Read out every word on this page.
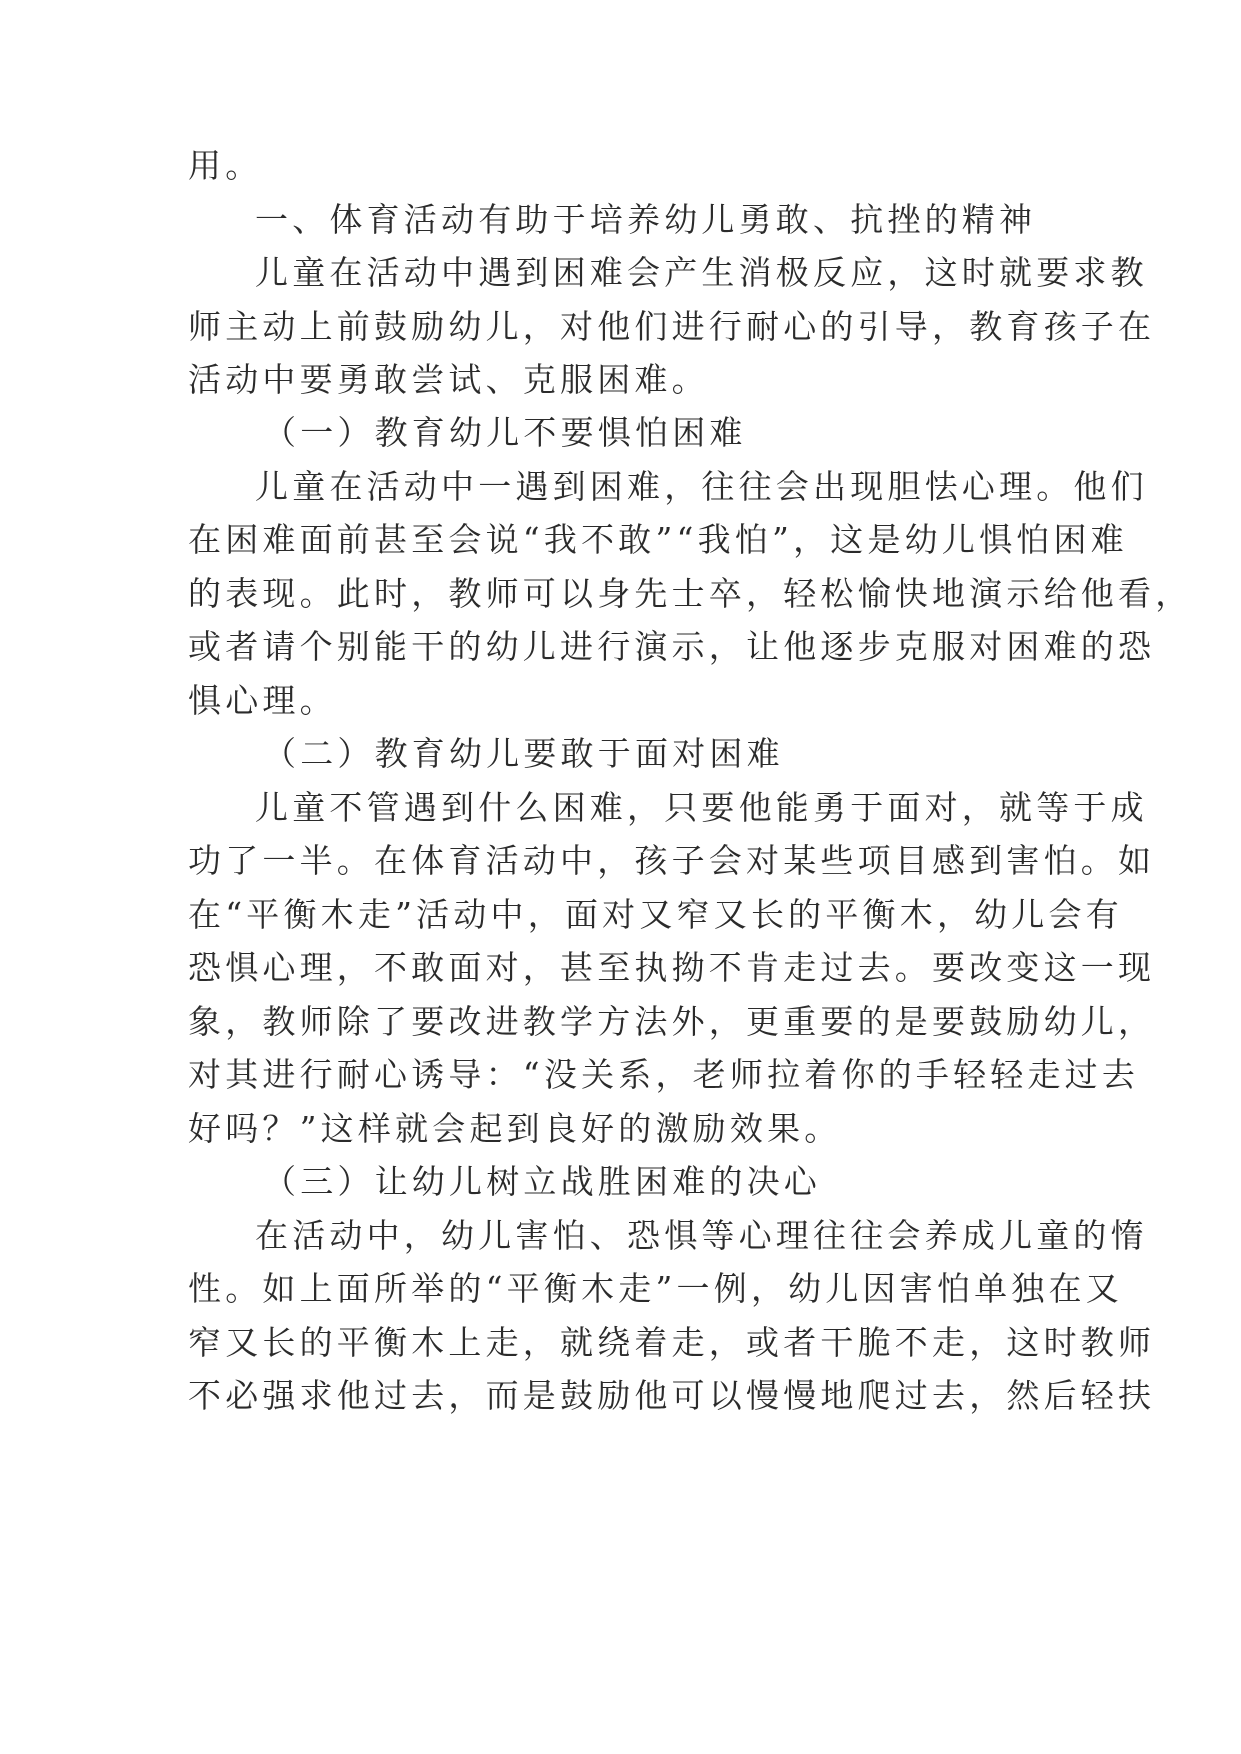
用。
一、体育活动有助于培养幼儿勇敢、抗挫的精神
儿童在活动中遇到困难会产生消极反应，这时就要求教
师主动上前鼓励幼儿，对他们进行耐心的引导，教育孩子在
活动中要勇敢尝试、克服困难。
（一）教育幼儿不要惧怕困难
儿童在活动中一遇到困难，往往会出现胆怯心理。他们
在困难面前甚至会说“我不敢”“我怕”，这是幼儿惧怕困难
的表现。此时，教师可以身先士卒，轻松愉快地演示给他看，
或者请个别能干的幼儿进行演示，让他逐步克服对困难的恐
惧心理。
（二）教育幼儿要敢于面对困难
儿童不管遇到什么困难，只要他能勇于面对，就等于成
功了一半。在体育活动中，孩子会对某些项目感到害怕。如
在“平衡木走”活动中，面对又窄又长的平衡木，幼儿会有
恐惧心理，不敢面对，甚至执拗不肯走过去。要改变这一现
象，教师除了要改进教学方法外，更重要的是要鼓励幼儿，
对其进行耐心诱导：“没关系，老师拉着你的手轻轻走过去
好吗？”这样就会起到良好的激励效果。
（三）让幼儿树立战胜困难的决心
在活动中，幼儿害怕、恐惧等心理往往会养成儿童的惰
性。如上面所举的“平衡木走”一例，幼儿因害怕单独在又
窄又长的平衡木上走，就绕着走，或者干脆不走，这时教师
不必强求他过去，而是鼓励他可以慢慢地爬过去，然后轻扶
